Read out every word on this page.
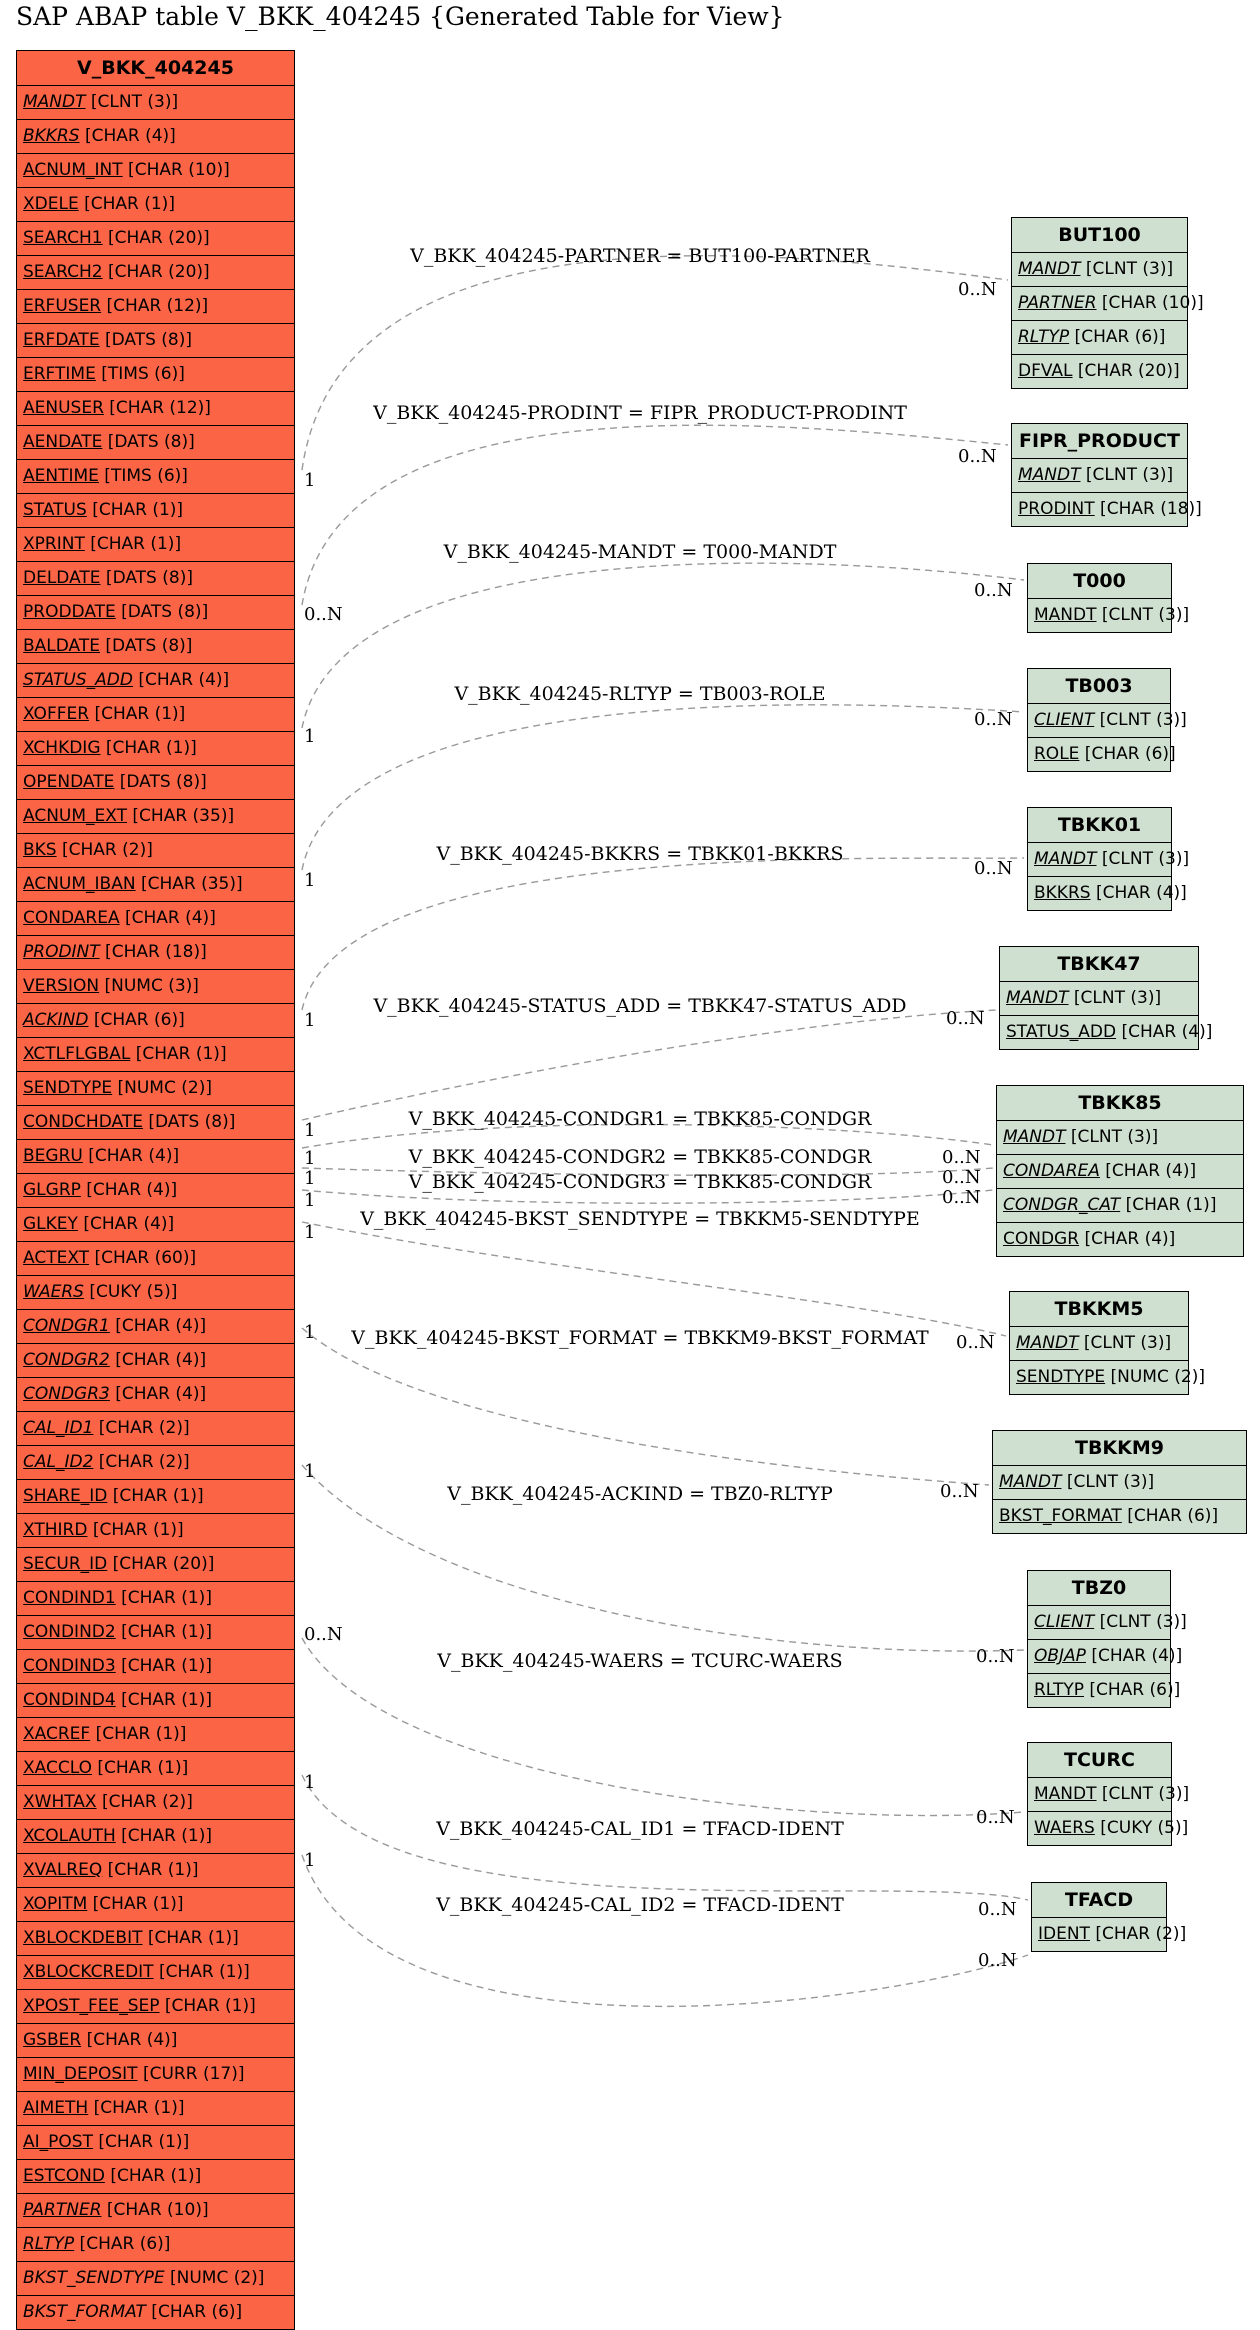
SAP ABAP table V_BKK_404245 {Generated Table for View}
V_BKK_404245
MANDT [CLNT (3)]
BKKRS [CHAR (4)]
ACNUM_INT [CHAR (10)]
XDELE [CHAR (1)]
SEARCH1 [CHAR (20)]
SEARCH2 [CHAR (20)]
ERFUSER [CHAR (12)]
ERFDATE [DATS (8)]
ERFTIME [TIMS (6)]
AENUSER [CHAR (12)]
AENDATE [DATS (8)]
AENTIME [TIMS (6)]
STATUS [CHAR (1)]
XPRINT [CHAR (1)]
DELDATE [DATS (8)]
PRODDATE [DATS (8)]
BALDATE [DATS (8)]
STATUS_ADD [CHAR (4)]
XOFFER [CHAR (1)]
XCHKDIG [CHAR (1)]
OPENDATE [DATS (8)]
ACNUM_EXT [CHAR (35)]
BKS [CHAR (2)]
ACNUM_IBAN [CHAR (35)]
CONDAREA [CHAR (4)]
PRODINT [CHAR (18)]
VERSION [NUMC (3)]
ACKIND [CHAR (6)]
XCTLFLGBAL [CHAR (1)]
SENDTYPE [NUMC (2)]
CONDCHDATE [DATS (8)]
BEGRU [CHAR (4)]
GLGRP [CHAR (4)]
GLKEY [CHAR (4)]
ACTEXT [CHAR (60)]
WAERS [CUKY (5)]
CONDGR1 [CHAR (4)]
CONDGR2 [CHAR (4)]
CONDGR3 [CHAR (4)]
CAL_ID1 [CHAR (2)]
CAL_ID2 [CHAR (2)]
SHARE_ID [CHAR (1)]
XTHIRD [CHAR (1)]
SECUR_ID [CHAR (20)]
CONDIND1 [CHAR (1)]
CONDIND2 [CHAR (1)]
CONDIND3 [CHAR (1)]
CONDIND4 [CHAR (1)]
XACREF [CHAR (1)]
XACCLO [CHAR (1)]
XWHTAX [CHAR (2)]
XCOLAUTH [CHAR (1)]
XVALREQ [CHAR (1)]
XOPITM [CHAR (1)]
XBLOCKDEBIT [CHAR (1)]
XBLOCKCREDIT [CHAR (1)]
XPOST_FEE_SEP [CHAR (1)]
GSBER [CHAR (4)]
MIN_DEPOSIT [CURR (17)]
AIMETH [CHAR (1)]
AI_POST [CHAR (1)]
ESTCOND [CHAR (1)]
PARTNER [CHAR (10)]
RLTYP [CHAR (6)]
BKST_SENDTYPE [NUMC (2)]
BKST_FORMAT [CHAR (6)]
BUT100
MANDT [CLNT (3)]
PARTNER [CHAR (10)]
RLTYP [CHAR (6)]
DFVAL [CHAR (20)]
FIPR_PRODUCT
MANDT [CLNT (3)]
PRODINT [CHAR (18)]
T000
MANDT [CLNT (3)]
TB003
CLIENT [CLNT (3)]
ROLE [CHAR (6)]
TBKK01
MANDT [CLNT (3)]
BKKRS [CHAR (4)]
TBKK47
MANDT [CLNT (3)]
STATUS_ADD [CHAR (4)]
TBKK85
MANDT [CLNT (3)]
CONDAREA [CHAR (4)]
CONDGR_CAT [CHAR (1)]
CONDGR [CHAR (4)]
TBKKM5
MANDT [CLNT (3)]
SENDTYPE [NUMC (2)]
TBKKM9
MANDT [CLNT (3)]
BKST_FORMAT [CHAR (6)]
TBZ0
CLIENT [CLNT (3)]
OBJAP [CHAR (4)]
RLTYP [CHAR (6)]
TCURC
MANDT [CLNT (3)]
WAERS [CUKY (5)]
TFACD
IDENT [CHAR (2)]
V_BKK_404245-PARTNER = BUT100-PARTNER
1
0..N
V_BKK_404245-PRODINT = FIPR_PRODUCT-PRODINT
0..N
0..N
V_BKK_404245-MANDT = T000-MANDT
1
0..N
V_BKK_404245-RLTYP = TB003-ROLE
1
0..N
V_BKK_404245-BKKRS = TBKK01-BKKRS
1
0..N
V_BKK_404245-STATUS_ADD = TBKK47-STATUS_ADD
1
0..N
V_BKK_404245-CONDGR1 = TBKK85-CONDGR
1	0..N
V_BKK_404245-CONDGR2 = TBKK85-CONDGR
1	0..N
V_BKK_404245-CONDGR3 = TBKK85-CONDGR
1	0..N
V_BKK_404245-BKST_SENDTYPE = TBKKM5-SENDTYPE
1
0..N
V_BKK_404245-BKST_FORMAT = TBKKM9-BKST_FORMAT
1
0..N
V_BKK_404245-ACKIND = TBZ0-RLTYP
1
0..N
V_BKK_404245-WAERS = TCURC-WAERS
0..N
0..N
V_BKK_404245-CAL_ID1 = TFACD-IDENT
1
0..N
V_BKK_404245-CAL_ID2 = TFACD-IDENT
1
0..N
